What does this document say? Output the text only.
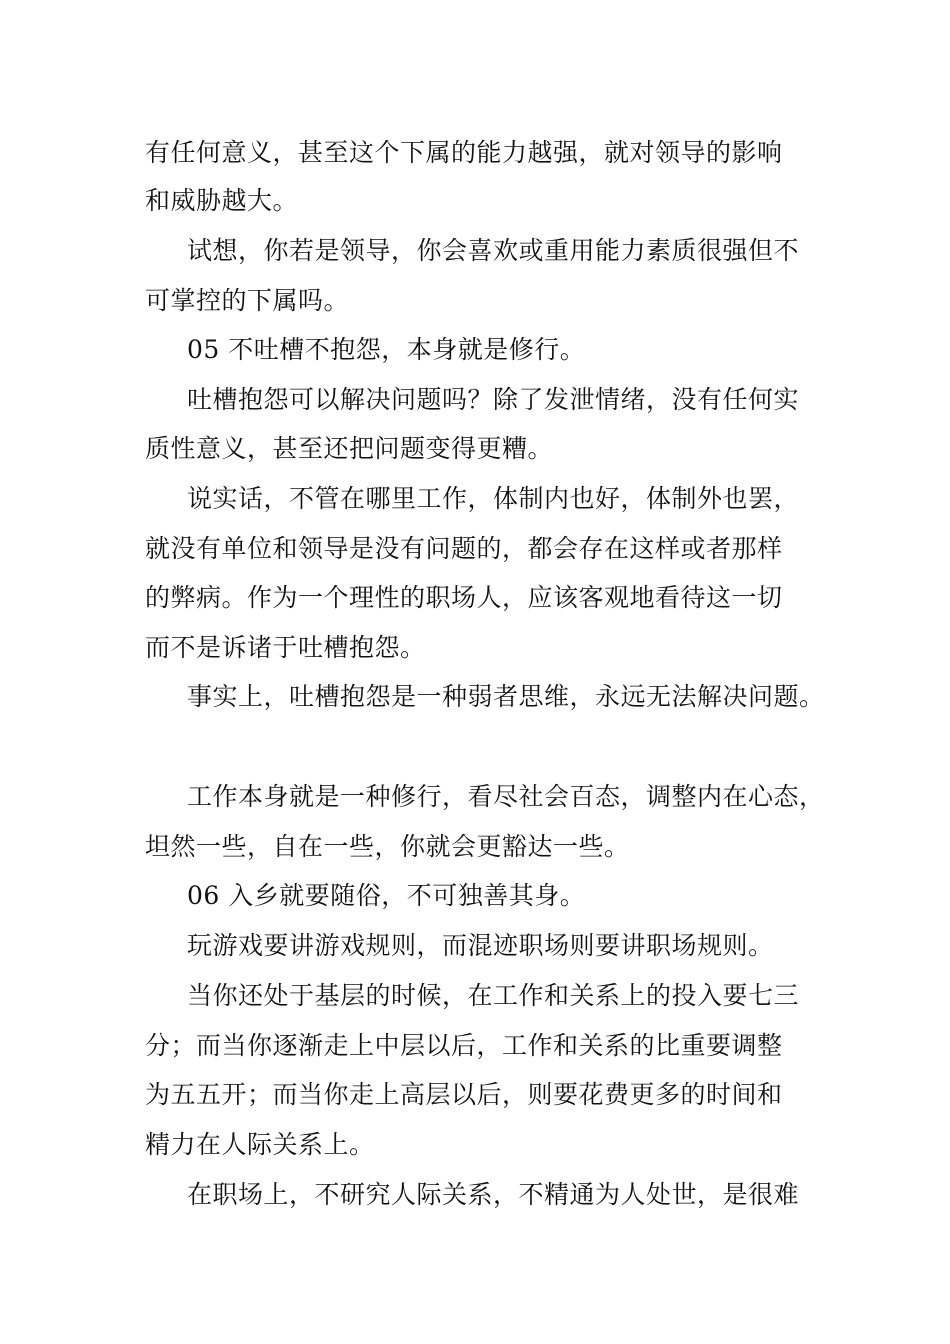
有任何意义，甚至这个下属的能力越强，就对领导的影响
和威胁越大。
试想，你若是领导，你会喜欢或重用能力素质很强但不
可掌控的下属吗。
05 不吐槽不抱怨，本身就是修行。
吐槽抱怨可以解决问题吗？除了发泄情绪，没有任何实
质性意义，甚至还把问题变得更糟。
说实话，不管在哪里工作，体制内也好，体制外也罢，
就没有单位和领导是没有问题的，都会存在这样或者那样
的弊病。作为一个理性的职场人，应该客观地看待这一切
而不是诉诸于吐槽抱怨。
事实上，吐槽抱怨是一种弱者思维，永远无法解决问题。
工作本身就是一种修行，看尽社会百态，调整内在心态，
坦然一些，自在一些，你就会更豁达一些。
06 入乡就要随俗，不可独善其身。
玩游戏要讲游戏规则，而混迹职场则要讲职场规则。
当你还处于基层的时候，在工作和关系上的投入要七三
分；而当你逐渐走上中层以后，工作和关系的比重要调整
为五五开；而当你走上高层以后，则要花费更多的时间和
精力在人际关系上。
在职场上，不研究人际关系，不精通为人处世，是很难
